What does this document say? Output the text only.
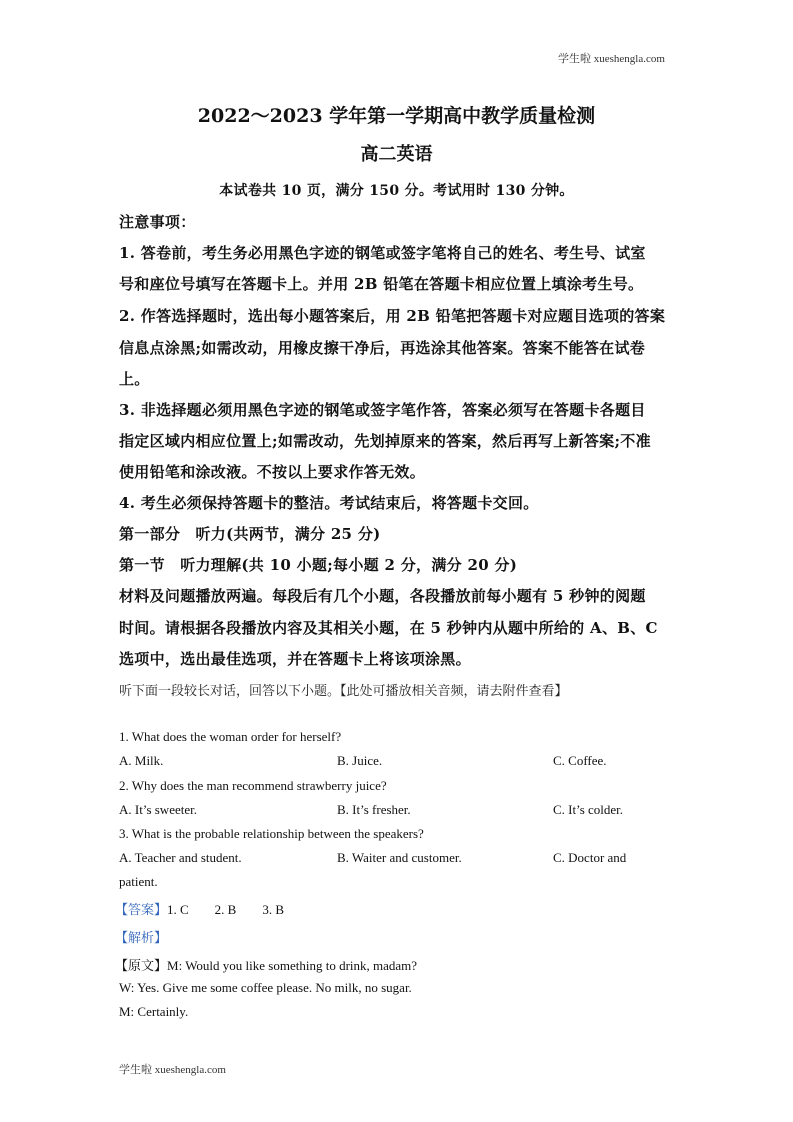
学生啦 xueshengla.com
2022～2023 学年第一学期高中教学质量检测
高二英语
本试卷共 10 页，满分 150 分。考试用时 130 分钟。
注意事项：
1. 答卷前，考生务必用黑色字迹的钢笔或签字笔将自己的姓名、考生号、试室
号和座位号填写在答题卡上。并用 2B 铅笔在答题卡相应位置上填涂考生号。
2. 作答选择题时，选出每小题答案后，用 2B 铅笔把答题卡对应题目选项的答案
信息点涂黑;如需改动，用橡皮擦干净后，再选涂其他答案。答案不能答在试卷
上。
3. 非选择题必须用黑色字迹的钢笔或签字笔作答，答案必须写在答题卡各题目
指定区域内相应位置上;如需改动，先划掉原来的答案，然后再写上新答案;不准
使用铅笔和涂改液。不按以上要求作答无效。
4. 考生必须保持答题卡的整洁。考试结束后，将答题卡交回。
第一部分　听力(共两节，满分 25 分)
第一节　听力理解(共 10 小题;每小题 2 分，满分 20 分)
材料及问题播放两遍。每段后有几个小题，各段播放前每小题有 5 秒钟的阅题
时间。请根据各段播放内容及其相关小题，在 5 秒钟内从题中所给的 A、B、C
选项中，选出最佳选项，并在答题卡上将该项涂黑。
听下面一段较长对话，回答以下小题。【此处可播放相关音频，请去附件查看】
1. What does the woman order for herself?
A. Milk.	B. Juice.	C. Coffee.
2. Why does the man recommend strawberry juice?
A. It’s sweeter.	B. It’s fresher.	C. It’s colder.
3. What is the probable relationship between the speakers?
A. Teacher and student.	B. Waiter and customer.	C. Doctor and
patient.
【答案】1. C　　2. B　　3. B
【解析】
【原文】M: Would you like something to drink, madam?
W: Yes. Give me some coffee please. No milk, no sugar.
M: Certainly.
学生啦 xueshengla.com
